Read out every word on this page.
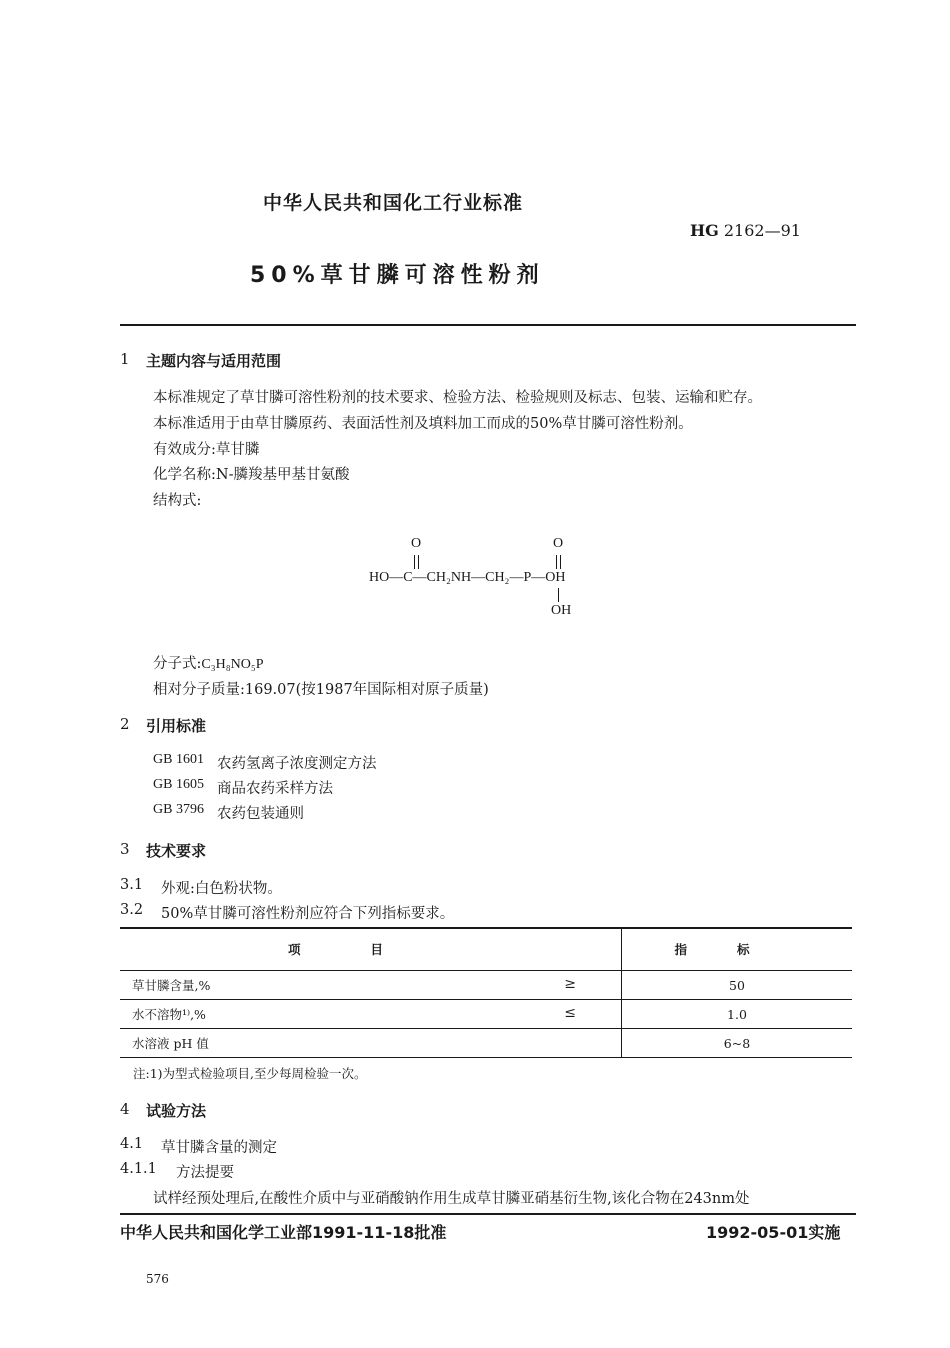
中华人民共和国化工行业标准
HG 2162—91
50%草甘膦可溶性粉剂
1 主题内容与适用范围
本标准规定了草甘膦可溶性粉剂的技术要求、检验方法、检验规则及标志、包装、运输和贮存。
本标准适用于由草甘膦原药、表面活性剂及填料加工而成的50%草甘膦可溶性粉剂。
有效成分:草甘膦
化学名称:N-膦羧基甲基甘氨酸
结构式:
O	O
HO—C—CH₂NH—CH₂—P—OH
OH
分子式:C₃H₈NO₅P
相对分子质量:169.07(按1987年国际相对原子质量)
2 引用标准
GB 1601 农药氢离子浓度测定方法
GB 1605 商品农药采样方法
GB 3796 农药包装通则
3 技术要求
3.1 外观:白色粉状物。
3.2 50%草甘膦可溶性粉剂应符合下列指标要求。
项目	指标
草甘膦含量,% ≥	50
水不溶物¹⁾,% ≤	1.0
水溶液 pH 值	6~8
注:1)为型式检验项目,至少每周检验一次。
4 试验方法
4.1 草甘膦含量的测定
4.1.1 方法提要
试样经预处理后,在酸性介质中与亚硝酸钠作用生成草甘膦亚硝基衍生物,该化合物在243nm处
中华人民共和国化学工业部1991-11-18批准	1992-05-01实施
576
